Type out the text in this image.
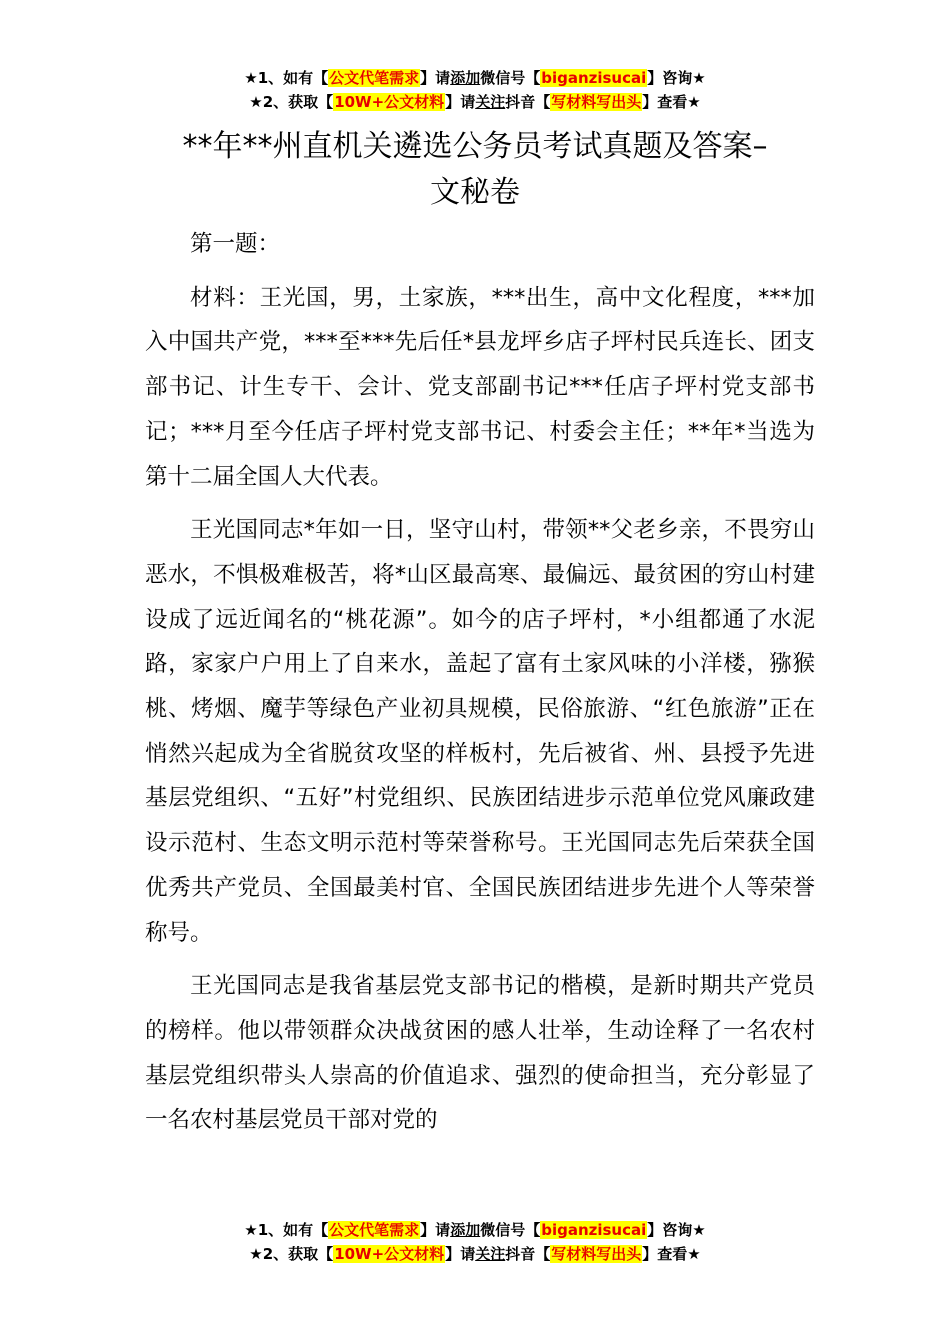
★1、如有【公文代笔需求】请添加微信号【biganzisucai】咨询★
★2、获取【10W+公文材料】请关注抖音【写材料写出头】查看★
**年**州直机关遴选公务员考试真题及答案–
文秘卷

第一题：

材料：王光国，男，土家族，***出生，高中文化程度，***加入中国共产党，***至***先后任*县龙坪乡店子坪村民兵连长、团支部书记、计生专干、会计、党支部副书记***任店子坪村党支部书记；***月至今任店子坪村党支部书记、村委会主任；**年*当选为第十二届全国人大代表。

王光国同志*年如一日，坚守山村，带领**父老乡亲，不畏穷山恶水，不惧极难极苦，将*山区最高寒、最偏远、最贫困的穷山村建设成了远近闻名的“桃花源”。如今的店子坪村，*小组都通了水泥路，家家户户用上了自来水，盖起了富有土家风味的小洋楼，猕猴桃、烤烟、魔芋等绿色产业初具规模，民俗旅游、“红色旅游”正在悄然兴起成为全省脱贫攻坚的样板村，先后被省、州、县授予先进基层党组织、“五好”村党组织、民族团结进步示范单位党风廉政建设示范村、生态文明示范村等荣誉称号。王光国同志先后荣获全国优秀共产党员、全国最美村官、全国民族团结进步先进个人等荣誉称号。

王光国同志是我省基层党支部书记的楷模，是新时期共产党员的榜样。他以带领群众决战贫困的感人壮举，生动诠释了一名农村基层党组织带头人崇高的价值追求、强烈的使命担当，充分彰显了一名农村基层党员干部对党的

★1、如有【公文代笔需求】请添加微信号【biganzisucai】咨询★
★2、获取【10W+公文材料】请关注抖音【写材料写出头】查看★
